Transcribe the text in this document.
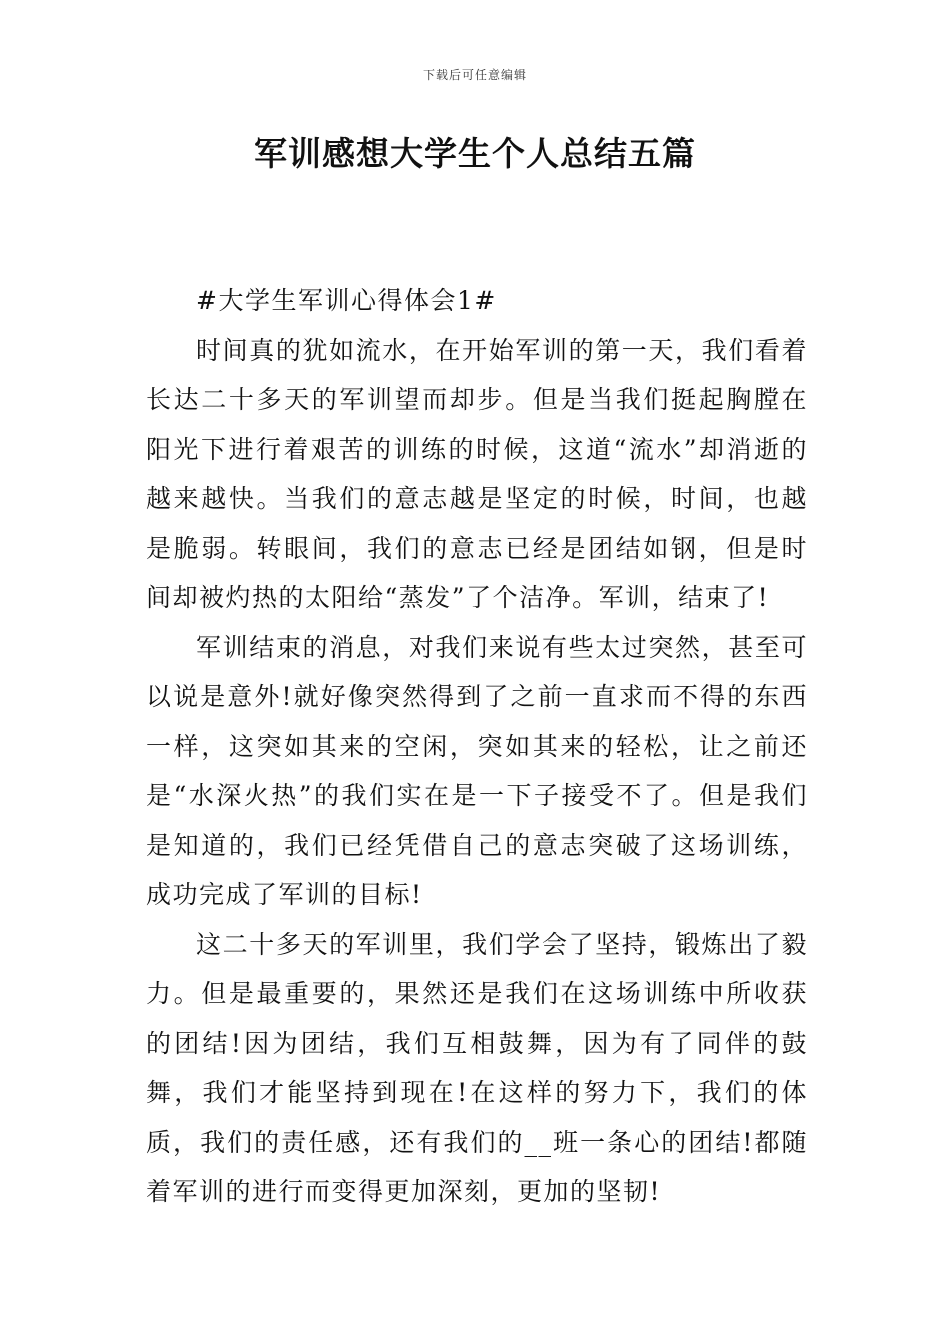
下载后可任意编辑
军训感想大学生个人总结五篇

#大学生军训心得体会1#

时间真的犹如流水，在开始军训的第一天，我们看着长达二十多天的军训望而却步。但是当我们挺起胸膛在阳光下进行着艰苦的训练的时候，这道“流水”却消逝的越来越快。当我们的意志越是坚定的时候，时间，也越是脆弱。转眼间，我们的意志已经是团结如钢，但是时间却被灼热的太阳给“蒸发”了个洁净。军训，结束了!

军训结束的消息，对我们来说有些太过突然，甚至可以说是意外!就好像突然得到了之前一直求而不得的东西一样，这突如其来的空闲，突如其来的轻松，让之前还是“水深火热”的我们实在是一下子接受不了。但是我们是知道的，我们已经凭借自己的意志突破了这场训练，成功完成了军训的目标!

这二十多天的军训里，我们学会了坚持，锻炼出了毅力。但是最重要的，果然还是我们在这场训练中所收获的团结!因为团结，我们互相鼓舞，因为有了同伴的鼓舞，我们才能坚持到现在!在这样的努力下，我们的体质，我们的责任感，还有我们的__班一条心的团结!都随着军训的进行而变得更加深刻，更加的坚韧!
